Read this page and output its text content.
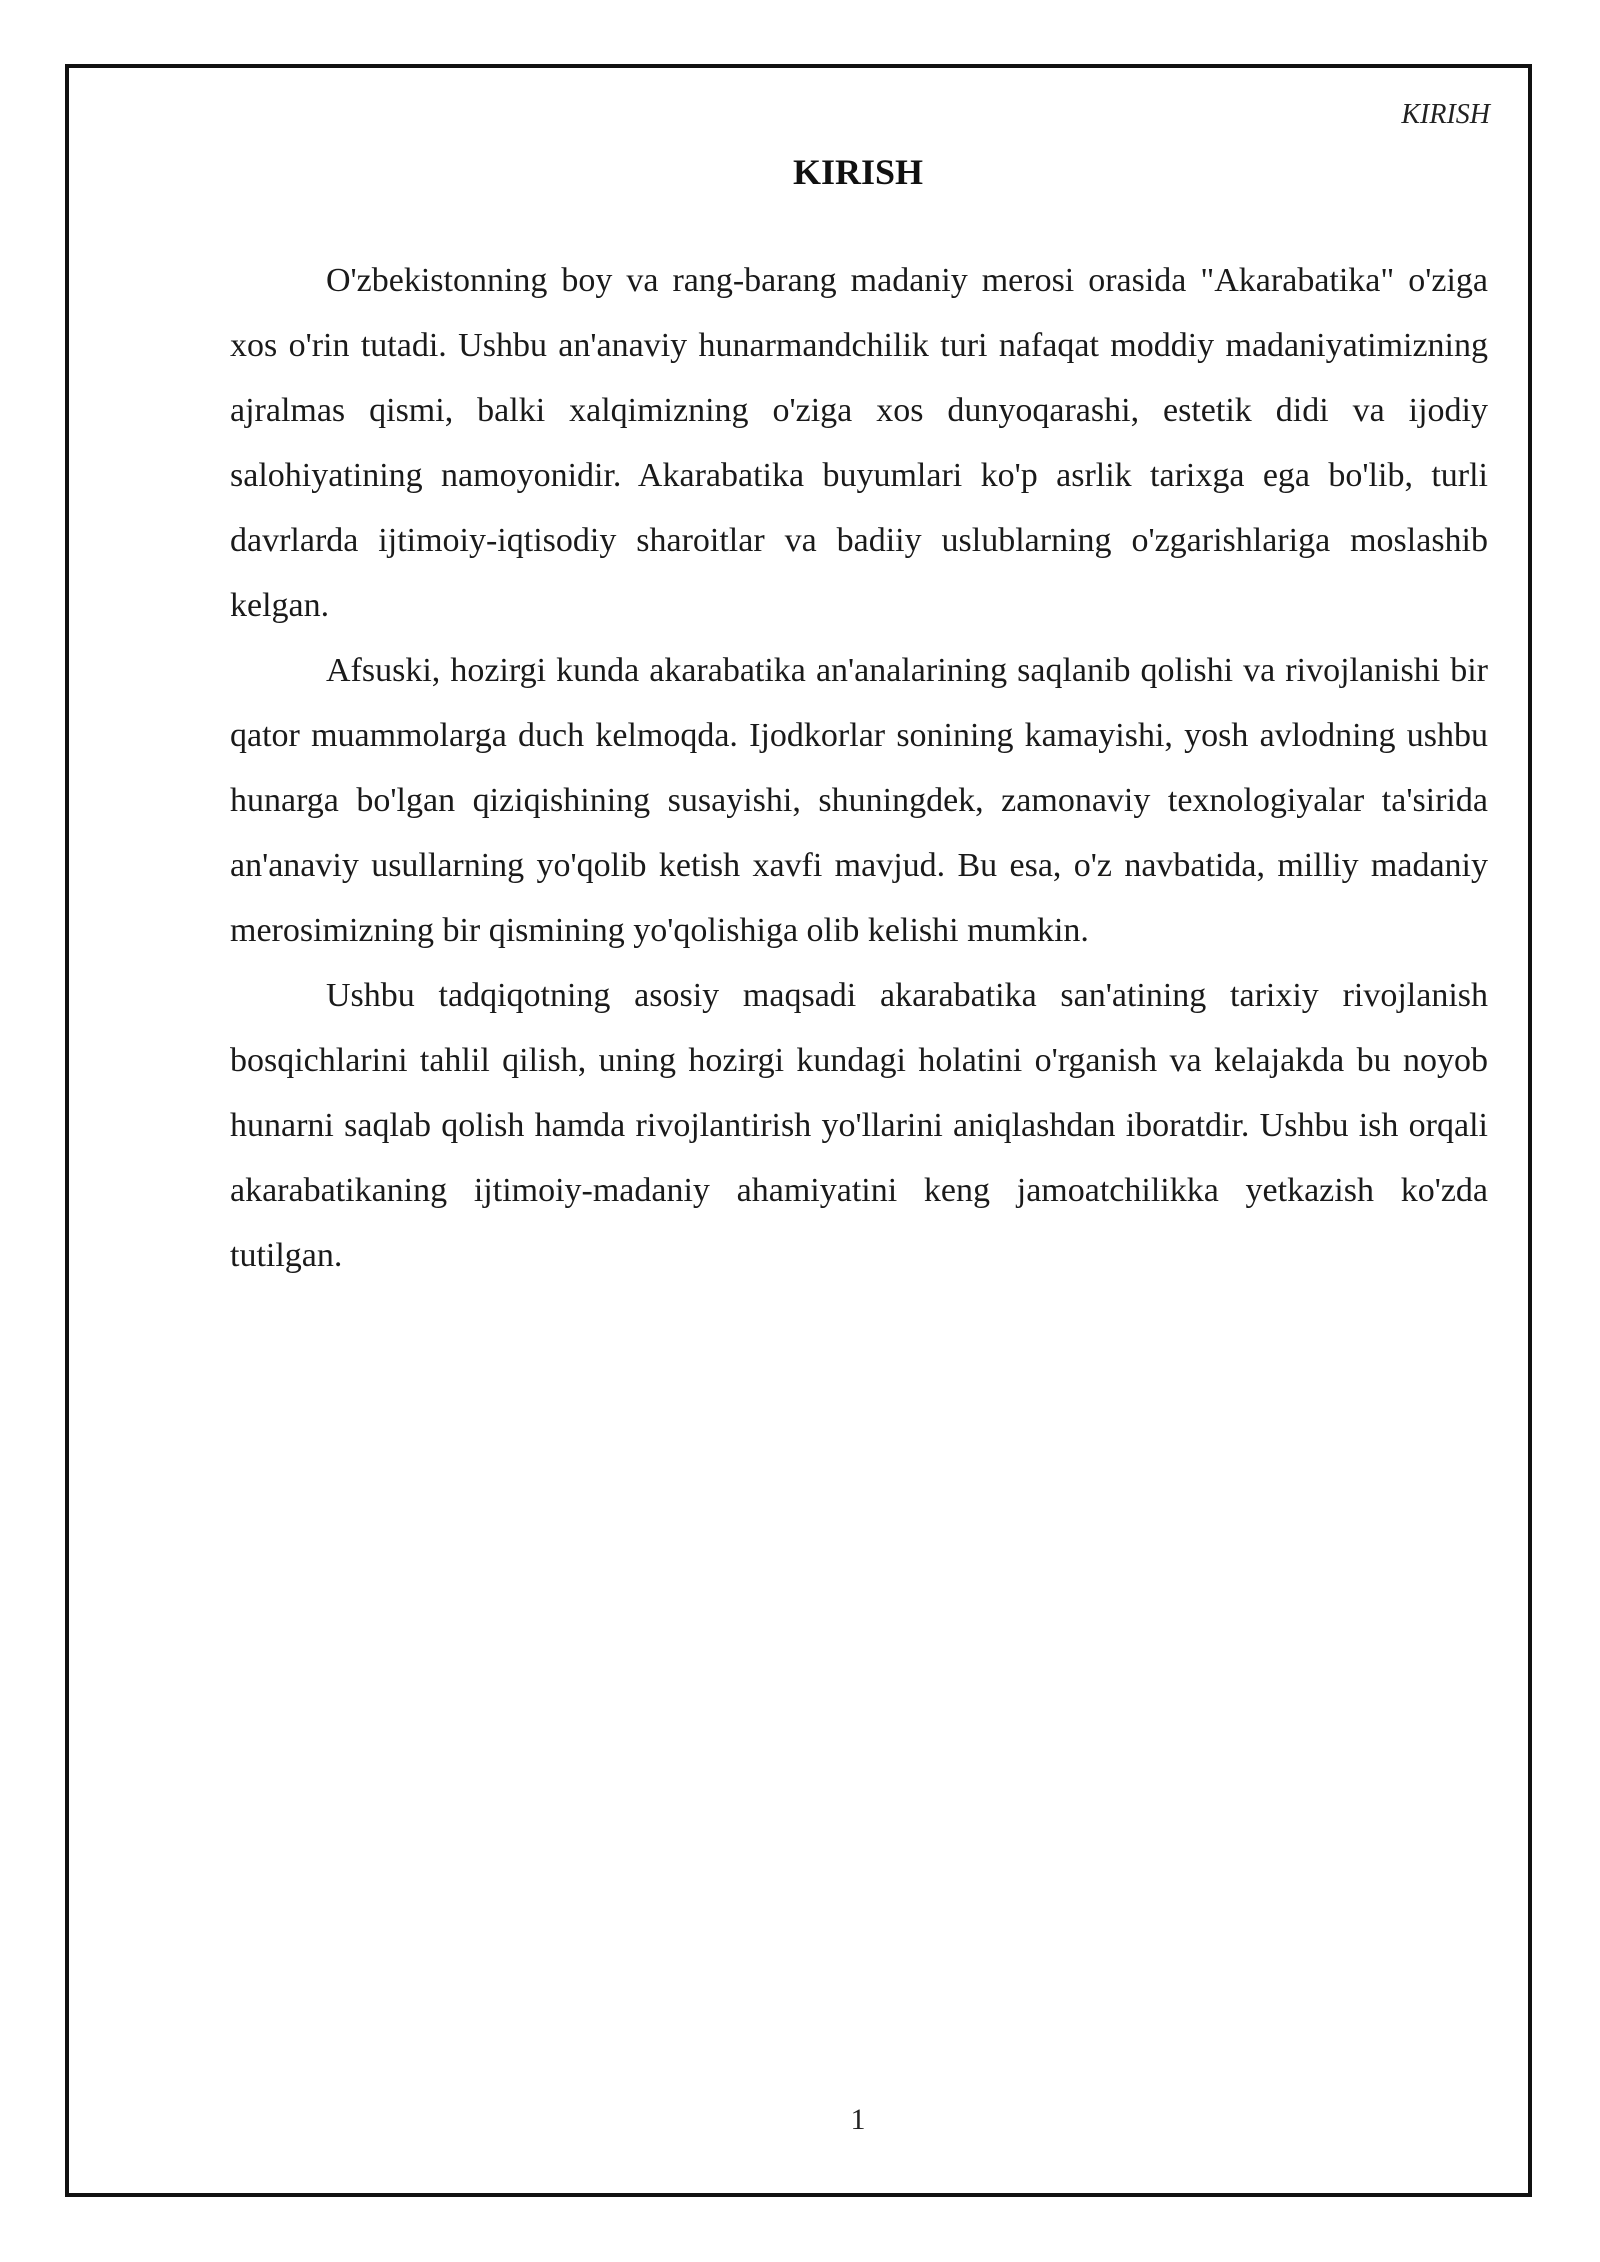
KIRISH
KIRISH

O'zbekistonning boy va rang-barang madaniy merosi orasida "Akarabatika" o'ziga xos o'rin tutadi. Ushbu an'anaviy hunarmandchilik turi nafaqat moddiy madaniyatimizning ajralmas qismi, balki xalqimizning o'ziga xos dunyoqarashi, estetik didi va ijodiy salohiyatining namoyonidir. Akarabatika buyumlari ko'p asrlik tarixga ega bo'lib, turli davrlarda ijtimoiy-iqtisodiy sharoitlar va badiiy uslublarning o'zgarishlariga moslashib kelgan.

Afsuski, hozirgi kunda akarabatika an'analarining saqlanib qolishi va rivojlanishi bir qator muammolarga duch kelmoqda. Ijodkorlar sonining kamayishi, yosh avlodning ushbu hunarga bo'lgan qiziqishining susayishi, shuningdek, zamonaviy texnologiyalar ta'sirida an'anaviy usullarning yo'qolib ketish xavfi mavjud. Bu esa, o'z navbatida, milliy madaniy merosimizning bir qismining yo'qolishiga olib kelishi mumkin.

Ushbu tadqiqotning asosiy maqsadi akarabatika san'atining tarixiy rivojlanish bosqichlarini tahlil qilish, uning hozirgi kundagi holatini o'rganish va kelajakda bu noyob hunarni saqlab qolish hamda rivojlantirish yo'llarini aniqlashdan iboratdir. Ushbu ish orqali akarabatikaning ijtimoiy-madaniy ahamiyatini keng jamoatchilikka yetkazish ko'zda tutilgan.

1
